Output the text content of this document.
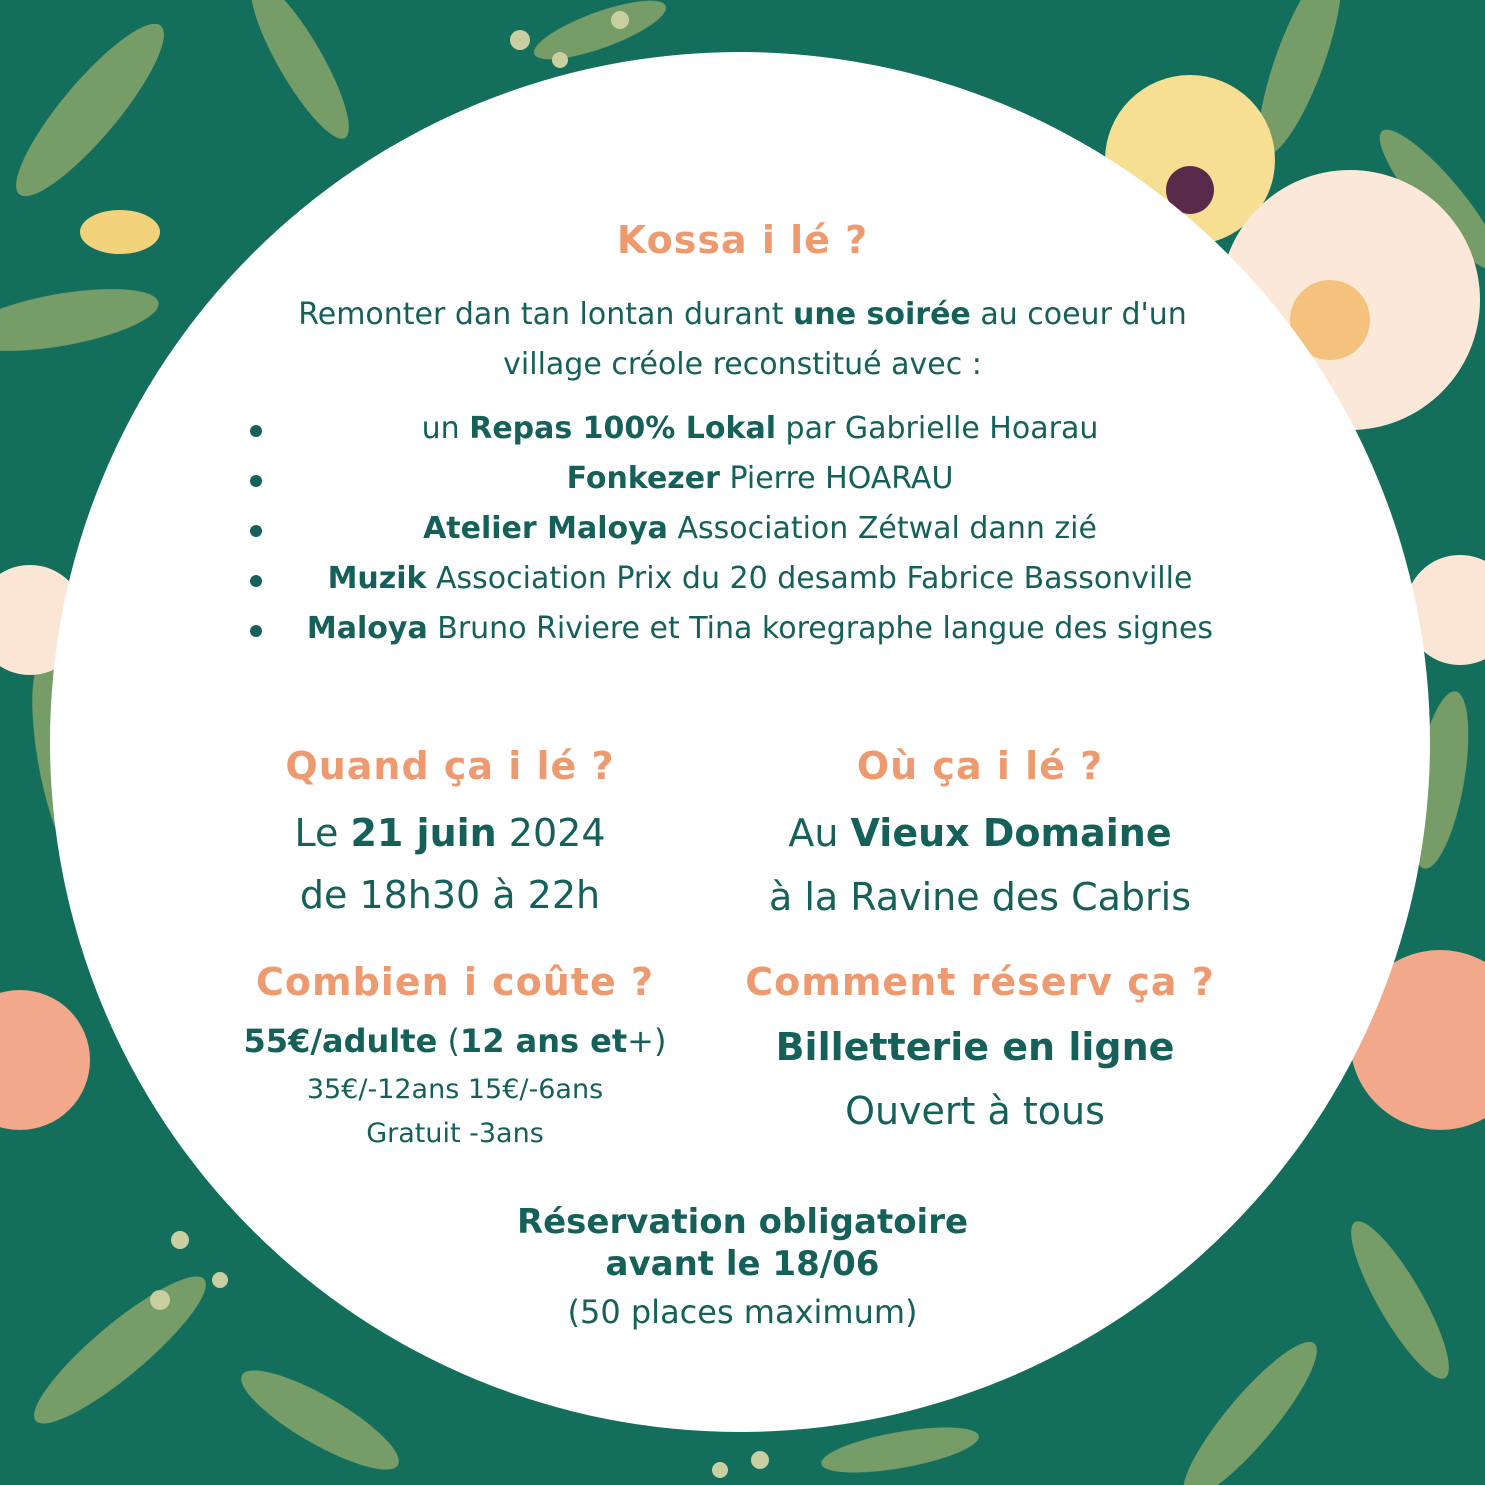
Kossa i lé ?
Remonter dan tan lontan durant une soirée au coeur d'un
village créole reconstitué avec :
un Repas 100% Lokal par Gabrielle Hoarau
Fonkezer Pierre HOARAU
Atelier Maloya Association Zétwal dann zié
Muzik Association Prix du 20 desamb Fabrice Bassonville
Maloya Bruno Riviere et Tina koregraphe langue des signes
Quand ça i lé ?
Le 21 juin 2024
de 18h30 à 22h
Où ça i lé ?
Au Vieux Domaine
à la Ravine des Cabris
Combien i coûte ?
55€/adulte (12 ans et+)
35€/-12ans 15€/-6ans
Gratuit -3ans
Comment réserv ça ?
Billetterie en ligne
Ouvert à tous
Réservation obligatoire
avant le 18/06
(50 places maximum)
